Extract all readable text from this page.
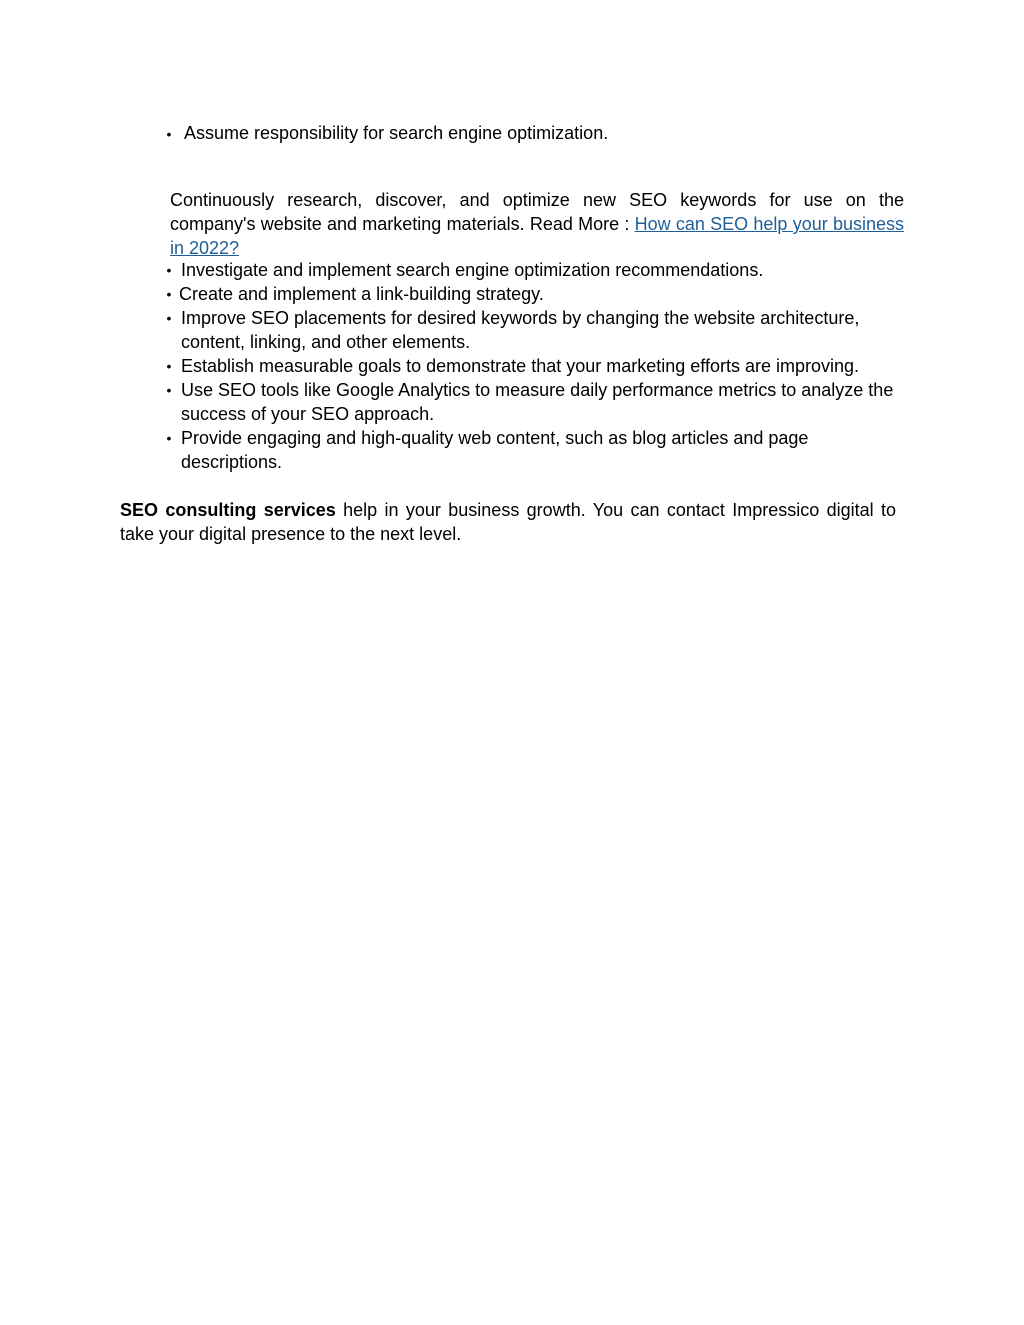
• Assume responsibility for search engine optimization.
Continuously research, discover, and optimize new SEO keywords for use on the company's website and marketing materials. Read More : How can SEO help your business in 2022?
• Investigate and implement search engine optimization recommendations.
• Create and implement a link-building strategy.
• Improve SEO placements for desired keywords by changing the website architecture, content, linking, and other elements.
• Establish measurable goals to demonstrate that your marketing efforts are improving.
• Use SEO tools like Google Analytics to measure daily performance metrics to analyze the success of your SEO approach.
• Provide engaging and high-quality web content, such as blog articles and page descriptions.
SEO consulting services help in your business growth. You can contact Impressico digital to take your digital presence to the next level.
